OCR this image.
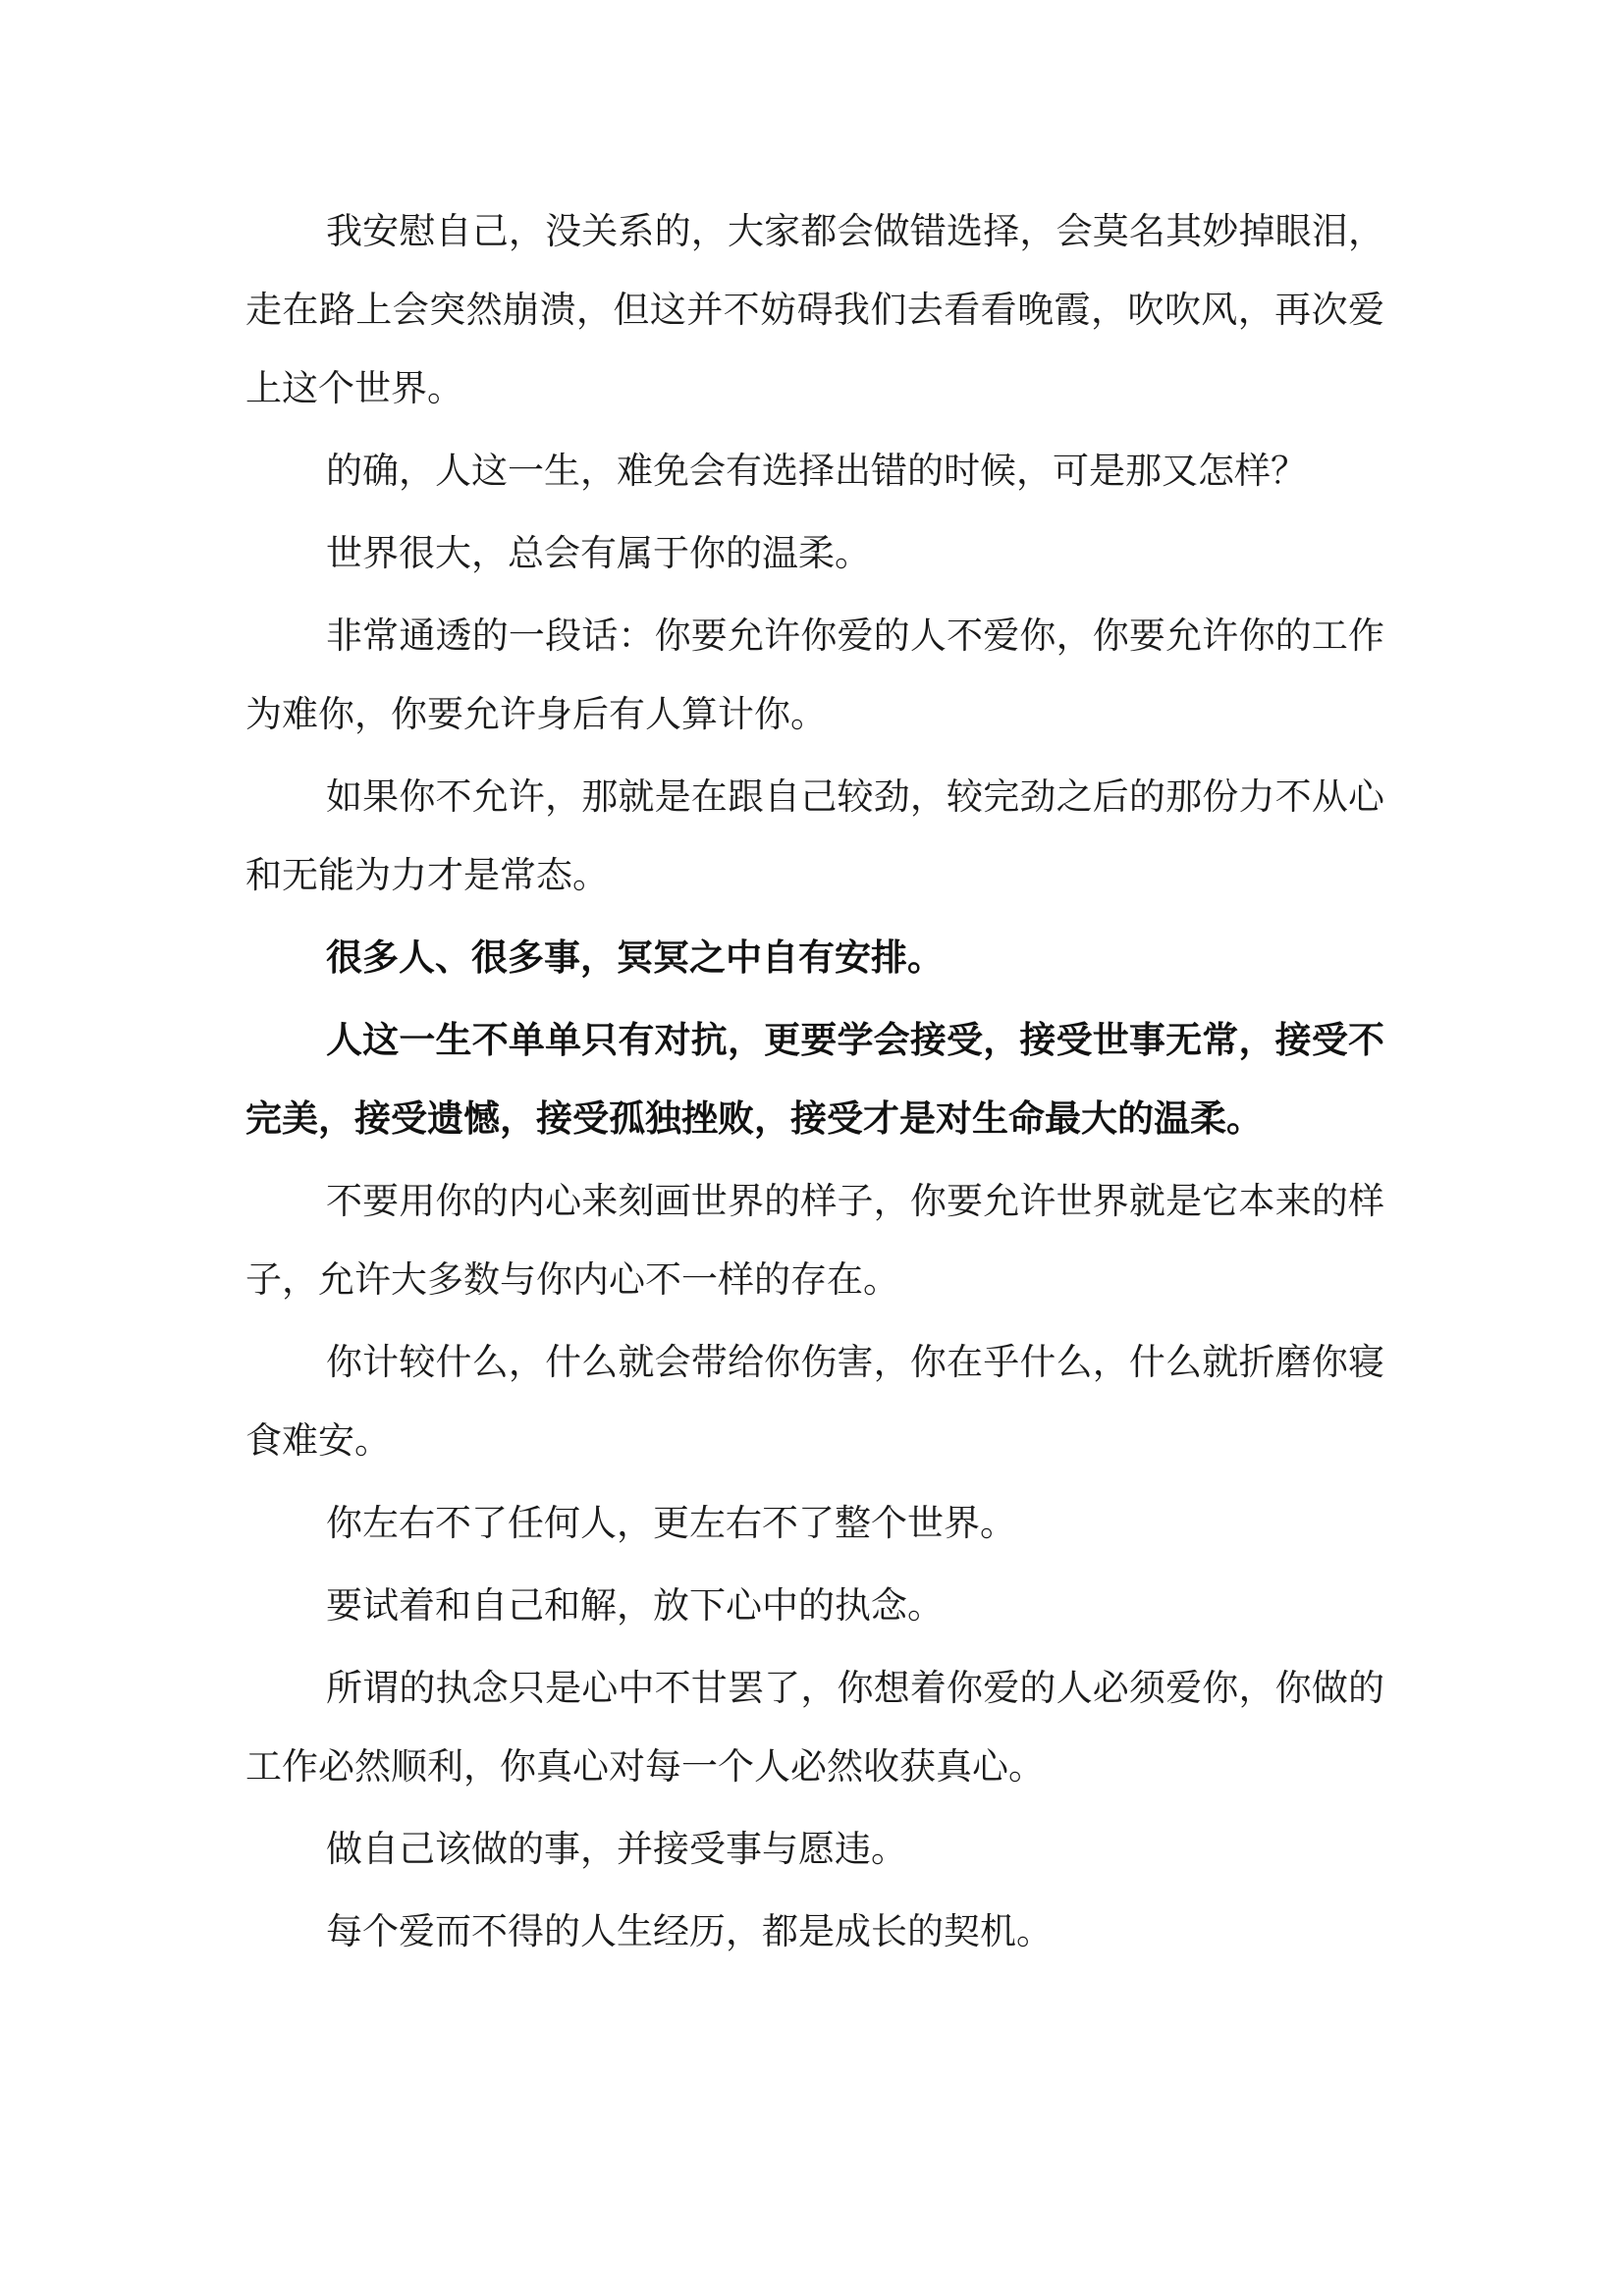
我安慰自己，没关系的，大家都会做错选择，会莫名其妙掉眼泪，走在路上会突然崩溃，但这并不妨碍我们去看看晚霞，吹吹风，再次爱上这个世界。

的确，人这一生，难免会有选择出错的时候，可是那又怎样？

世界很大，总会有属于你的温柔。

非常通透的一段话：你要允许你爱的人不爱你，你要允许你的工作为难你，你要允许身后有人算计你。

如果你不允许，那就是在跟自己较劲，较完劲之后的那份力不从心和无能为力才是常态。

很多人、很多事，冥冥之中自有安排。

人这一生不单单只有对抗，更要学会接受，接受世事无常，接受不完美，接受遗憾，接受孤独挫败，接受才是对生命最大的温柔。

不要用你的内心来刻画世界的样子，你要允许世界就是它本来的样子，允许大多数与你内心不一样的存在。

你计较什么，什么就会带给你伤害，你在乎什么，什么就折磨你寝食难安。

你左右不了任何人，更左右不了整个世界。

要试着和自己和解，放下心中的执念。

所谓的执念只是心中不甘罢了，你想着你爱的人必须爱你，你做的工作必然顺利，你真心对每一个人必然收获真心。

做自己该做的事，并接受事与愿违。

每个爱而不得的人生经历，都是成长的契机。
